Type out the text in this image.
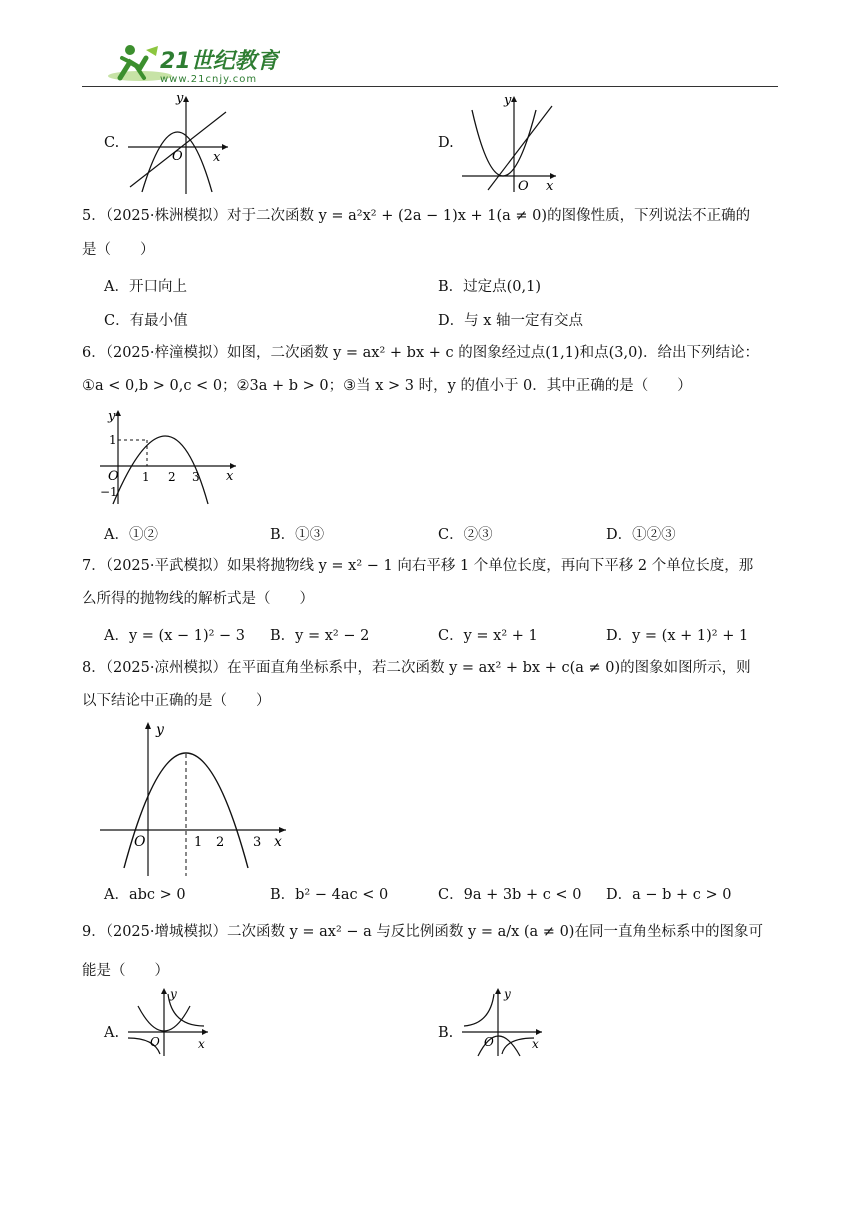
21世纪教育
www.21cnjy.com
C.
y
x
O
D.
y
x
O
5．（2025·株洲模拟）对于二次函数 y = a²x² + (2a − 1)x + 1(a ≠ 0)的图像性质，下列说法不正确的
是（　　）
A．开口向上	B．过定点(0,1)
C．有最小值	D．与 x 轴一定有交点
6．（2025·梓潼模拟）如图，二次函数 y = ax² + bx + c 的图象经过点(1,1)和点(3,0)．给出下列结论：
①a < 0,b > 0,c < 0；②3a + b > 0；③当 x > 3 时，y 的值小于 0．其中正确的是（　　）
y
x
O
1
1 2 3
−1
A．①②	B．①③	C．②③	D．①②③
7．（2025·平武模拟）如果将抛物线 y = x² − 1 向右平移 1 个单位长度，再向下平移 2 个单位长度，那
么所得的抛物线的解析式是（　　）
A．y = (x − 1)² − 3 B．y = x² − 2	C．y = x² + 1	D．y = (x + 1)² + 1
8．（2025·凉州模拟）在平面直角坐标系中，若二次函数 y = ax² + bx + c(a ≠ 0)的图象如图所示，则
以下结论中正确的是（　　）
y
x
O	1 2 3
A．abc > 0	B．b² − 4ac < 0	C．9a + 3b + c < 0 D．a − b + c > 0
9．（2025·增城模拟）二次函数 y = ax² − a 与反比例函数 y = a/x (a ≠ 0)在同一直角坐标系中的图象可
能是（　　）
A.
y
x
O
B.
y
x
O
